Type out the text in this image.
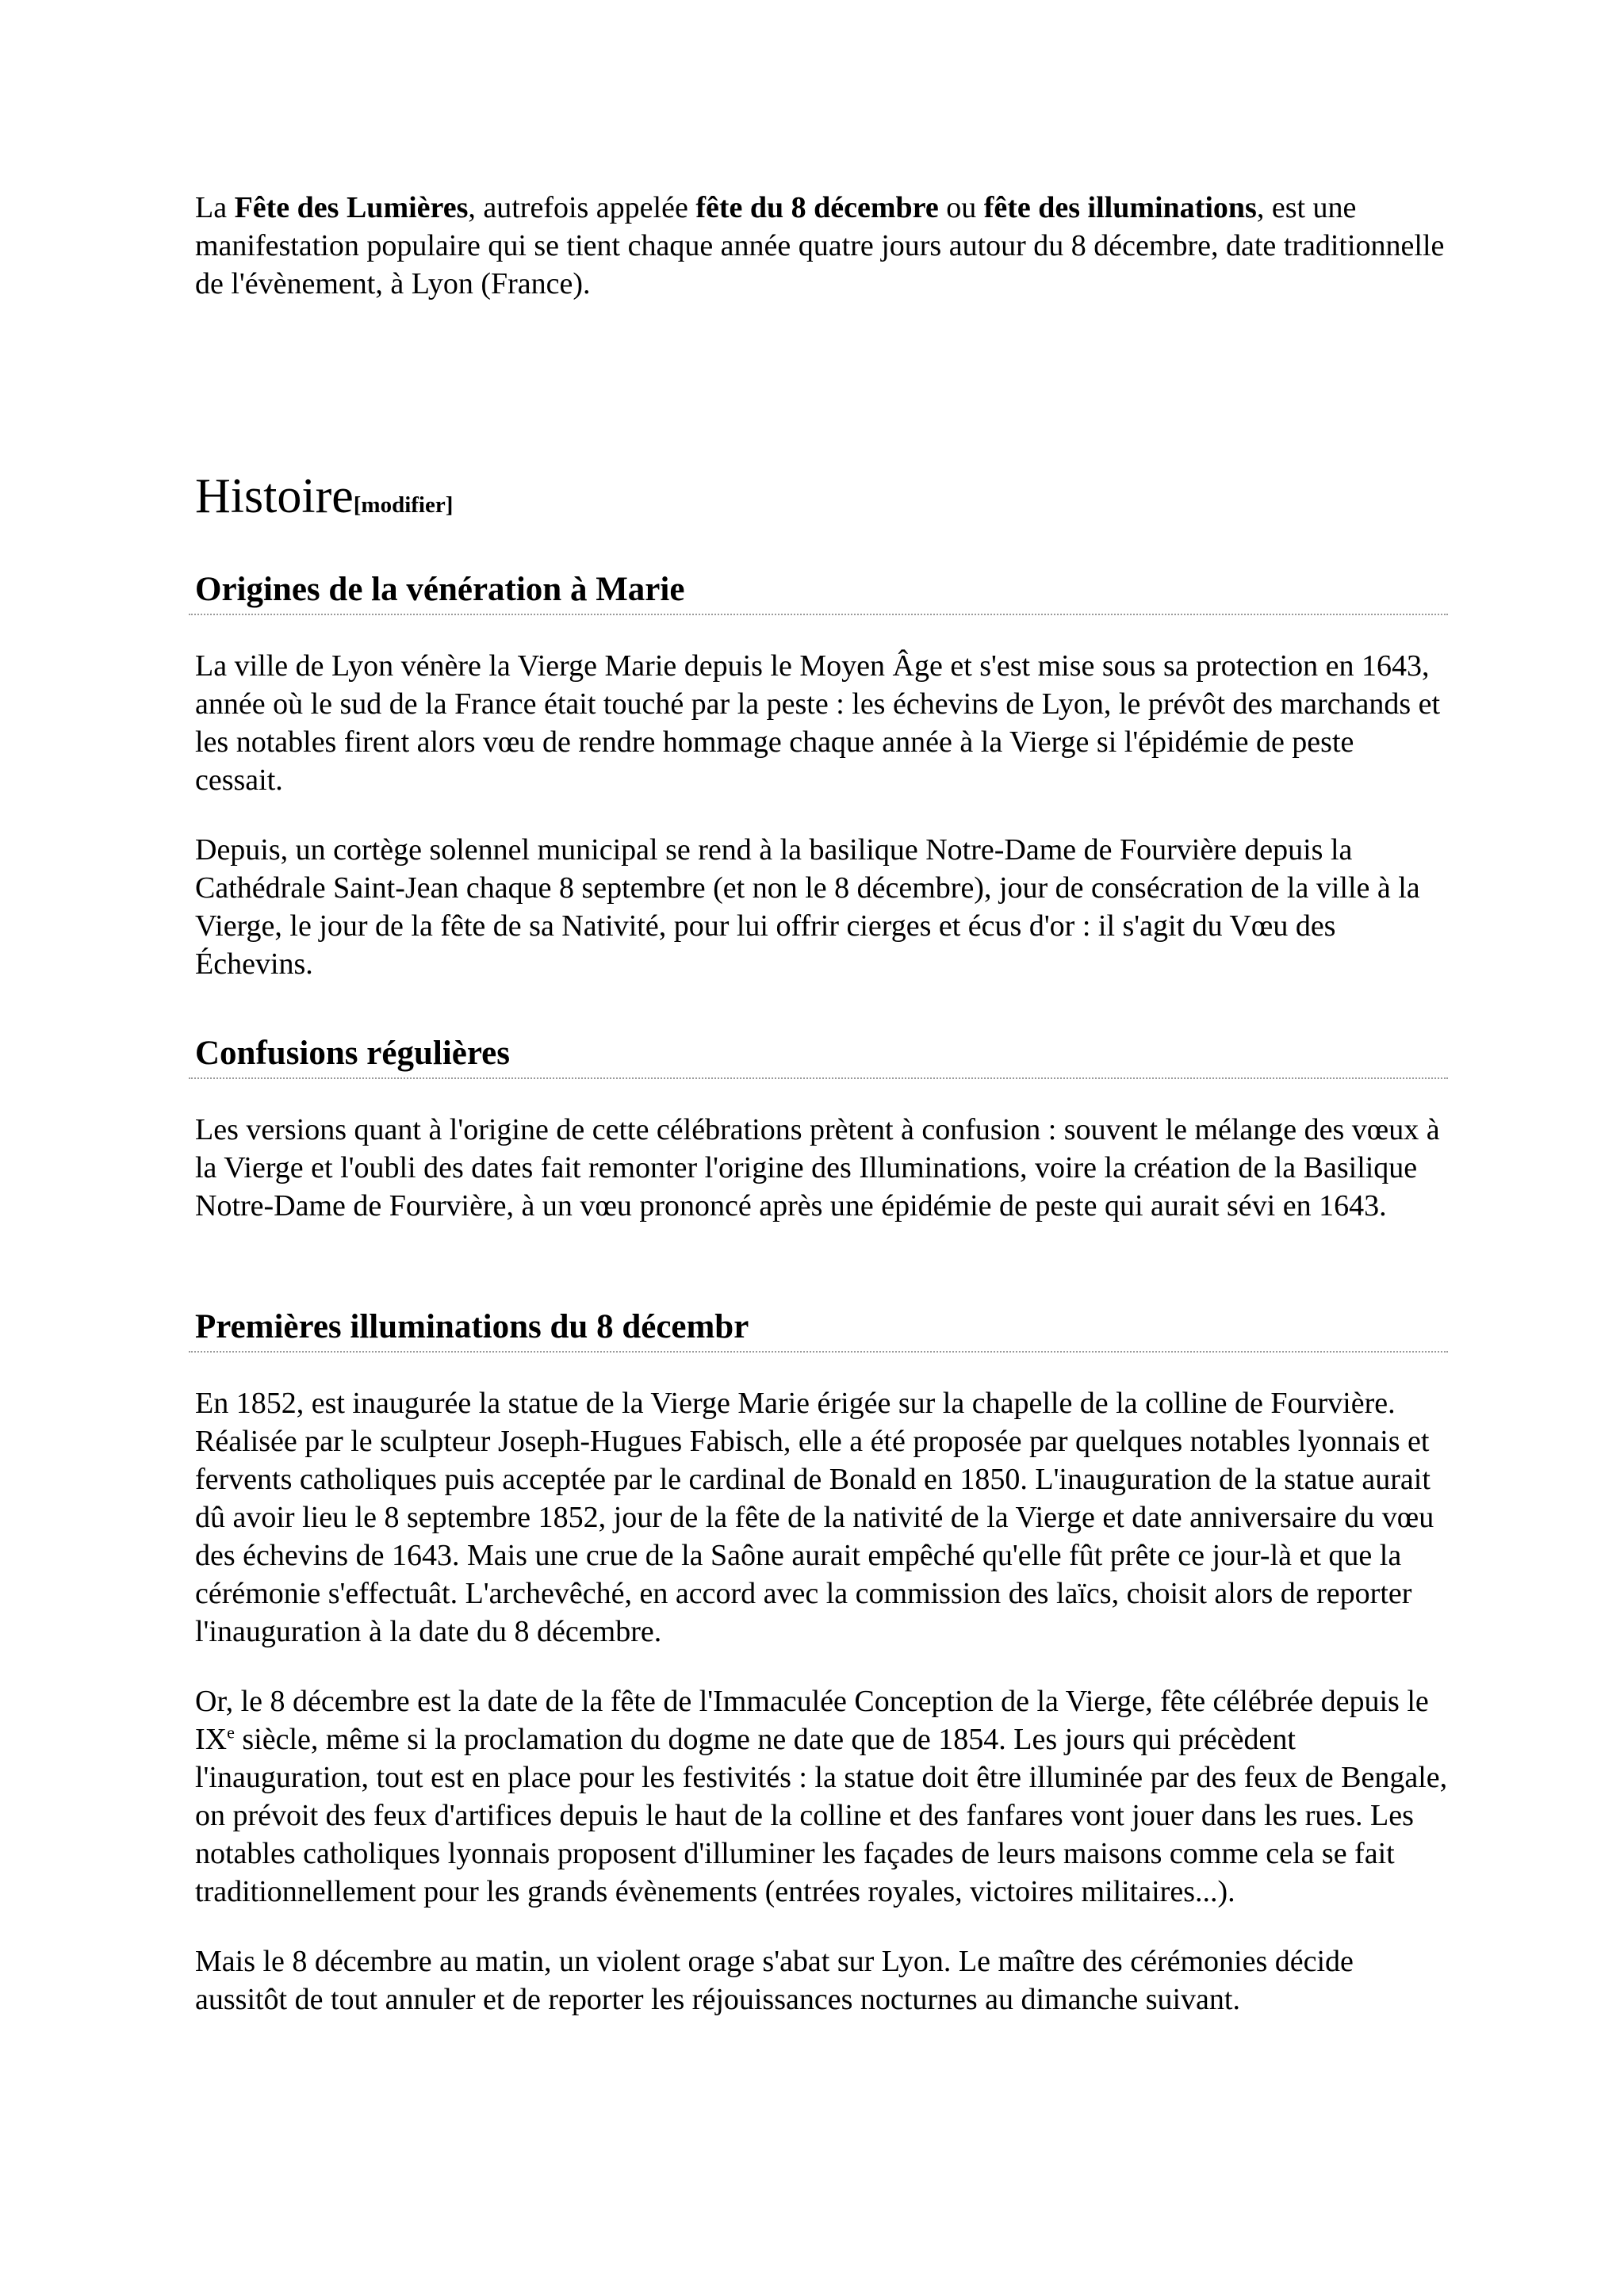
La Fête des Lumières, autrefois appelée fête du 8 décembre ou fête des illuminations, est une manifestation populaire qui se tient chaque année quatre jours autour du 8 décembre, date traditionnelle de l'évènement, à Lyon (France).

Histoire[modifier]
Origines de la vénération à Marie

La ville de Lyon vénère la Vierge Marie depuis le Moyen Âge et s'est mise sous sa protection en 1643, année où le sud de la France était touché par la peste : les échevins de Lyon, le prévôt des marchands et les notables firent alors vœu de rendre hommage chaque année à la Vierge si l'épidémie de peste cessait.

Depuis, un cortège solennel municipal se rend à la basilique Notre-Dame de Fourvière depuis la Cathédrale Saint-Jean chaque 8 septembre (et non le 8 décembre), jour de consécration de la ville à la Vierge, le jour de la fête de sa Nativité, pour lui offrir cierges et écus d'or : il s'agit du Vœu des Échevins.

Confusions régulières

Les versions quant à l'origine de cette célébrations prètent à confusion : souvent le mélange des vœux à la Vierge et l'oubli des dates fait remonter l'origine des Illuminations, voire la création de la Basilique Notre-Dame de Fourvière, à un vœu prononcé après une épidémie de peste qui aurait sévi en 1643.

Premières illuminations du 8 décembr

En 1852, est inaugurée la statue de la Vierge Marie érigée sur la chapelle de la colline de Fourvière. Réalisée par le sculpteur Joseph-Hugues Fabisch, elle a été proposée par quelques notables lyonnais et fervents catholiques puis acceptée par le cardinal de Bonald en 1850. L'inauguration de la statue aurait dû avoir lieu le 8 septembre 1852, jour de la fête de la nativité de la Vierge et date anniversaire du vœu des échevins de 1643. Mais une crue de la Saône aurait empêché qu'elle fût prête ce jour-là et que la cérémonie s'effectuât. L'archevêché, en accord avec la commission des laïcs, choisit alors de reporter l'inauguration à la date du 8 décembre.

Or, le 8 décembre est la date de la fête de l'Immaculée Conception de la Vierge, fête célébrée depuis le IXe siècle, même si la proclamation du dogme ne date que de 1854. Les jours qui précèdent l'inauguration, tout est en place pour les festivités : la statue doit être illuminée par des feux de Bengale, on prévoit des feux d'artifices depuis le haut de la colline et des fanfares vont jouer dans les rues. Les notables catholiques lyonnais proposent d'illuminer les façades de leurs maisons comme cela se fait traditionnellement pour les grands évènements (entrées royales, victoires militaires...).

Mais le 8 décembre au matin, un violent orage s'abat sur Lyon. Le maître des cérémonies décide aussitôt de tout annuler et de reporter les réjouissances nocturnes au dimanche suivant.
